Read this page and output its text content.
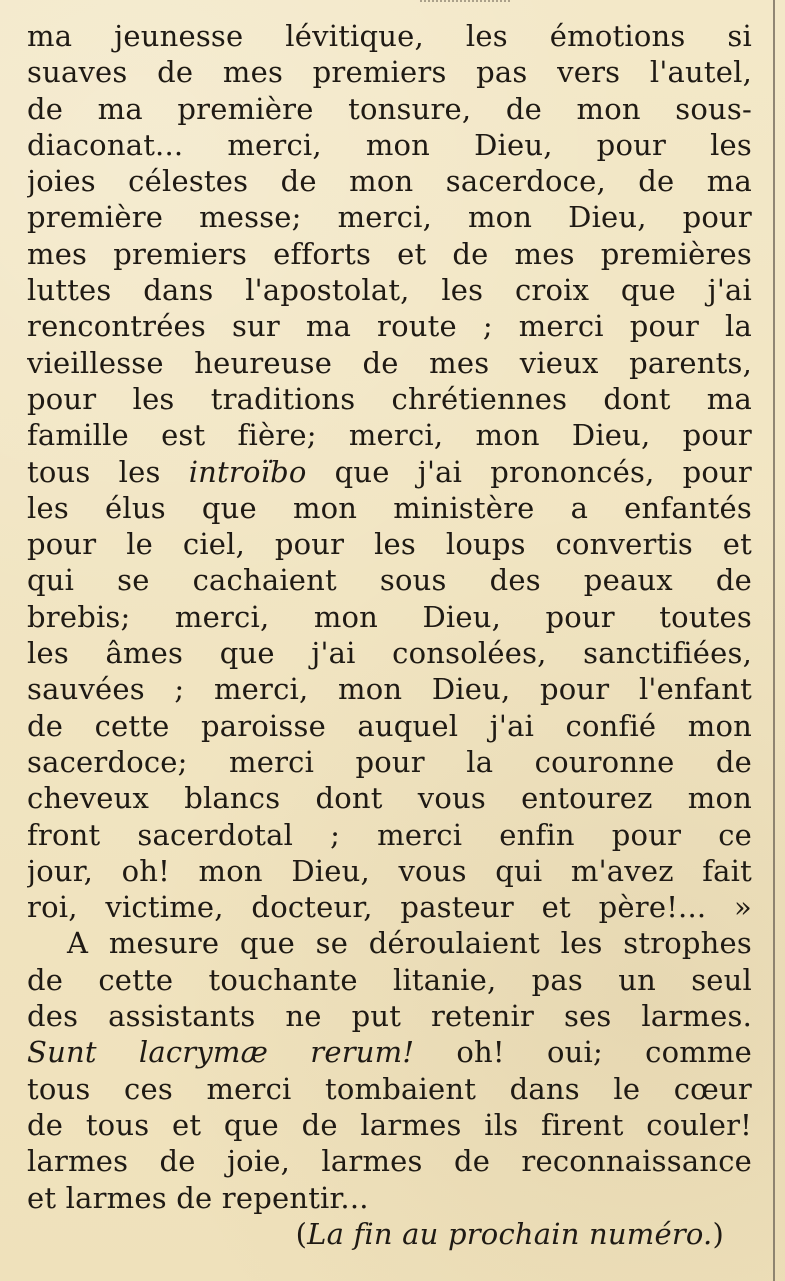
ma jeunesse lévitique, les émotions si
suaves de mes premiers pas vers l'autel,
de ma première tonsure, de mon sous-
diaconat... merci, mon Dieu, pour les
joies célestes de mon sacerdoce, de ma
première messe; merci, mon Dieu, pour
mes premiers efforts et de mes premières
luttes dans l'apostolat, les croix que j'ai
rencontrées sur ma route ; merci pour la
vieillesse heureuse de mes vieux parents,
pour les traditions chrétiennes dont ma
famille est fière; merci, mon Dieu, pour
tous les introïbo que j'ai prononcés, pour
les élus que mon ministère a enfantés
pour le ciel, pour les loups convertis et
qui se cachaient sous des peaux de
brebis; merci, mon Dieu, pour toutes
les âmes que j'ai consolées, sanctifiées,
sauvées ; merci, mon Dieu, pour l'enfant
de cette paroisse auquel j'ai confié mon
sacerdoce; merci pour la couronne de
cheveux blancs dont vous entourez mon
front sacerdotal ; merci enfin pour ce
jour, oh! mon Dieu, vous qui m'avez fait
roi, victime, docteur, pasteur et père!... »
A mesure que se déroulaient les strophes
de cette touchante litanie, pas un seul
des assistants ne put retenir ses larmes.
Sunt lacrymæ rerum! oh! oui; comme
tous ces merci tombaient dans le cœur
de tous et que de larmes ils firent couler!
larmes de joie, larmes de reconnaissance
et larmes de repentir...
(La fin au prochain numéro.)
